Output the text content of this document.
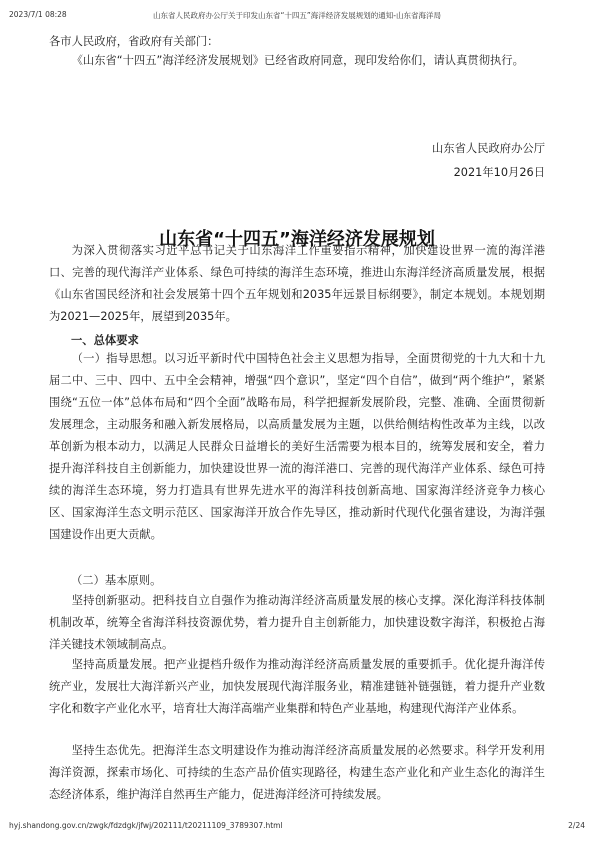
2023/7/1 08:28	山东省人民政府办公厅关于印发山东省“十四五”海洋经济发展规划的通知-山东省海洋局
各市人民政府，省政府有关部门：
《山东省“十四五”海洋经济发展规划》已经省政府同意，现印发给你们，请认真贯彻执行。
山东省人民政府办公厅
2021年10月26日
山东省“十四五”海洋经济发展规划
为深入贯彻落实习近平总书记关于山东海洋工作重要指示精神，加快建设世界一流的海洋港口、完善的现代海洋产业体系、绿色可持续的海洋生态环境，推进山东海洋经济高质量发展，根据《山东省国民经济和社会发展第十四个五年规划和2035年远景目标纲要》，制定本规划。本规划期为2021—2025年，展望到2035年。
一、总体要求
（一）指导思想。以习近平新时代中国特色社会主义思想为指导，全面贯彻党的十九大和十九届二中、三中、四中、五中全会精神，增强“四个意识”，坚定“四个自信”，做到“两个维护”，紧紧围绕“五位一体”总体布局和“四个全面”战略布局，科学把握新发展阶段，完整、准确、全面贯彻新发展理念，主动服务和融入新发展格局，以高质量发展为主题，以供给侧结构性改革为主线，以改革创新为根本动力，以满足人民群众日益增长的美好生活需要为根本目的，统筹发展和安全，着力提升海洋科技自主创新能力，加快建设世界一流的海洋港口、完善的现代海洋产业体系、绿色可持续的海洋生态环境，努力打造具有世界先进水平的海洋科技创新高地、国家海洋经济竞争力核心区、国家海洋生态文明示范区、国家海洋开放合作先导区，推动新时代现代化强省建设，为海洋强国建设作出更大贡献。
（二）基本原则。
坚持创新驱动。把科技自立自强作为推动海洋经济高质量发展的核心支撑。深化海洋科技体制机制改革，统筹全省海洋科技资源优势，着力提升自主创新能力，加快建设数字海洋，积极抢占海洋关键技术领域制高点。
坚持高质量发展。把产业提档升级作为推动海洋经济高质量发展的重要抓手。优化提升海洋传统产业，发展壮大海洋新兴产业，加快发展现代海洋服务业，精准建链补链强链，着力提升产业数字化和数字产业化水平，培育壮大海洋高端产业集群和特色产业基地，构建现代海洋产业体系。
坚持生态优先。把海洋生态文明建设作为推动海洋经济高质量发展的必然要求。科学开发利用海洋资源，探索市场化、可持续的生态产品价值实现路径，构建生态产业化和产业生态化的海洋生态经济体系，维护海洋自然再生产能力，促进海洋经济可持续发展。
hyj.shandong.gov.cn/zwgk/fdzdgk/jfwj/202111/t20211109_3789307.html	2/24
